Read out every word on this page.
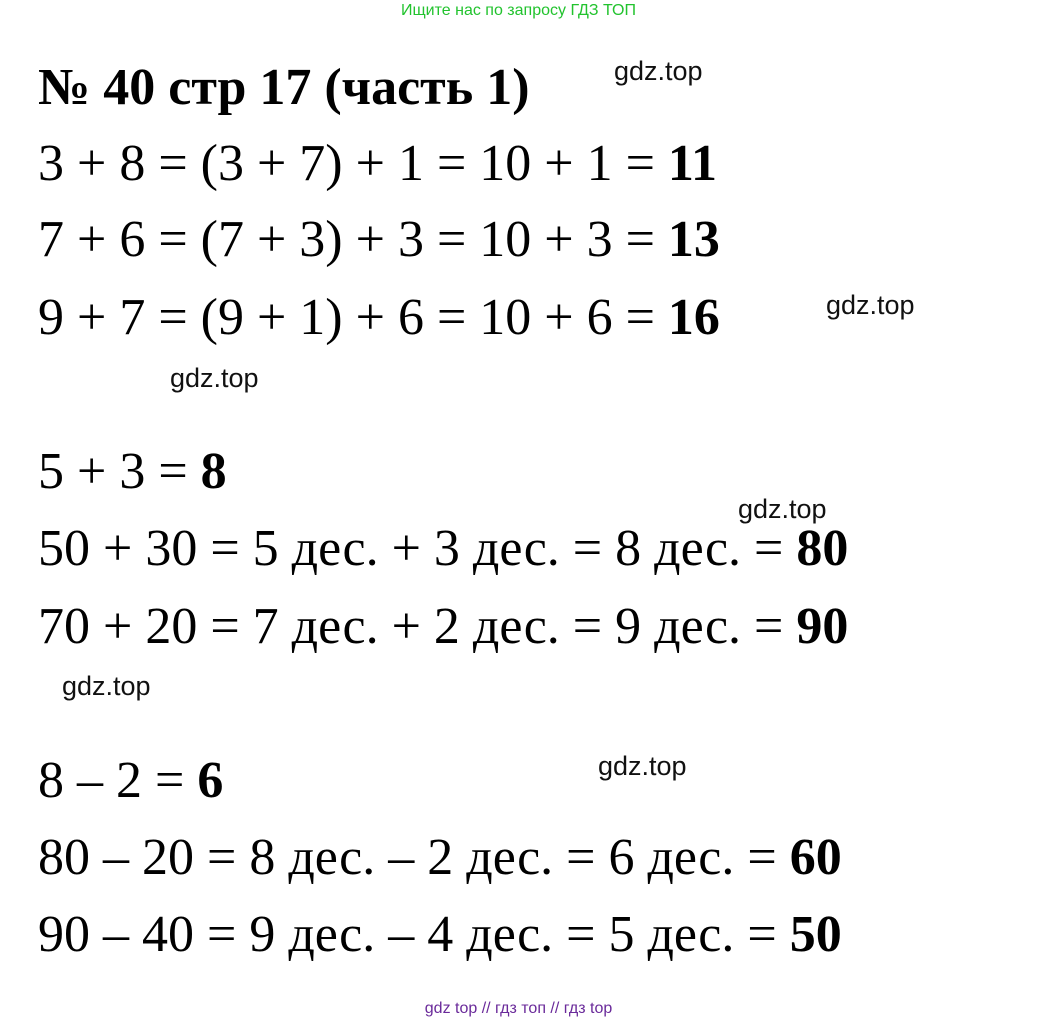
Ищите нас по запросу ГДЗ ТОП
№ 40 стр 17 (часть 1)
3 + 8 = (3 + 7) + 1 = 10 + 1 = 11
7 + 6 = (7 + 3) + 3 = 10 + 3 = 13
9 + 7 = (9 + 1) + 6 = 10 + 6 = 16
5 + 3 = 8
50 + 30 = 5 дес. + 3 дес. = 8 дес. = 80
70 + 20 = 7 дес. + 2 дес. = 9 дес. = 90
8 – 2 = 6
80 – 20 = 8 дес. – 2 дес. = 6 дес. = 60
90 – 40 = 9 дес. – 4 дес. = 5 дес. = 50
gdz.top
gdz.top
gdz.top
gdz.top
gdz.top
gdz.top
gdz top // гдз топ // гдз top
